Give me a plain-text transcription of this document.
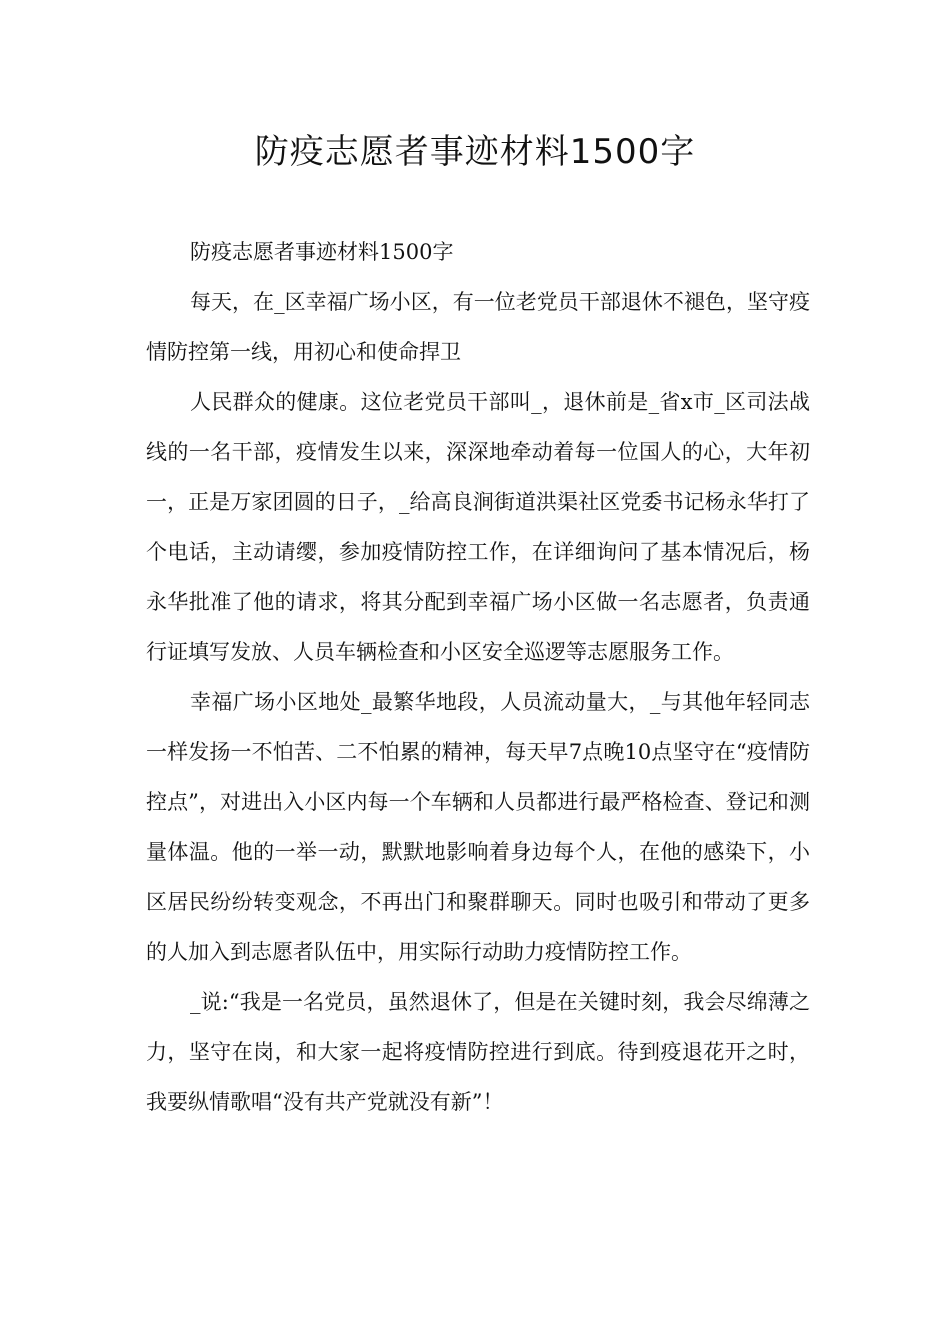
防疫志愿者事迹材料1500字

防疫志愿者事迹材料1500字

每天，在_区幸福广场小区，有一位老党员干部退休不褪色，坚守疫情防控第一线，用初心和使命捍卫

人民群众的健康。这位老党员干部叫_，退休前是_省x市_区司法战线的一名干部，疫情发生以来，深深地牵动着每一位国人的心，大年初一，正是万家团圆的日子，_给高良涧街道洪渠社区党委书记杨永华打了个电话，主动请缨，参加疫情防控工作，在详细询问了基本情况后，杨永华批准了他的请求，将其分配到幸福广场小区做一名志愿者，负责通行证填写发放、人员车辆检查和小区安全巡逻等志愿服务工作。

幸福广场小区地处_最繁华地段，人员流动量大，_与其他年轻同志一样发扬一不怕苦、二不怕累的精神，每天早7点晚10点坚守在“疫情防控点”，对进出入小区内每一个车辆和人员都进行最严格检查、登记和测量体温。他的一举一动，默默地影响着身边每个人，在他的感染下，小区居民纷纷转变观念，不再出门和聚群聊天。同时也吸引和带动了更多的人加入到志愿者队伍中，用实际行动助力疫情防控工作。

_说:“我是一名党员，虽然退休了，但是在关键时刻，我会尽绵薄之力，坚守在岗，和大家一起将疫情防控进行到底。待到疫退花开之时，我要纵情歌唱“没有共产党就没有新”！
